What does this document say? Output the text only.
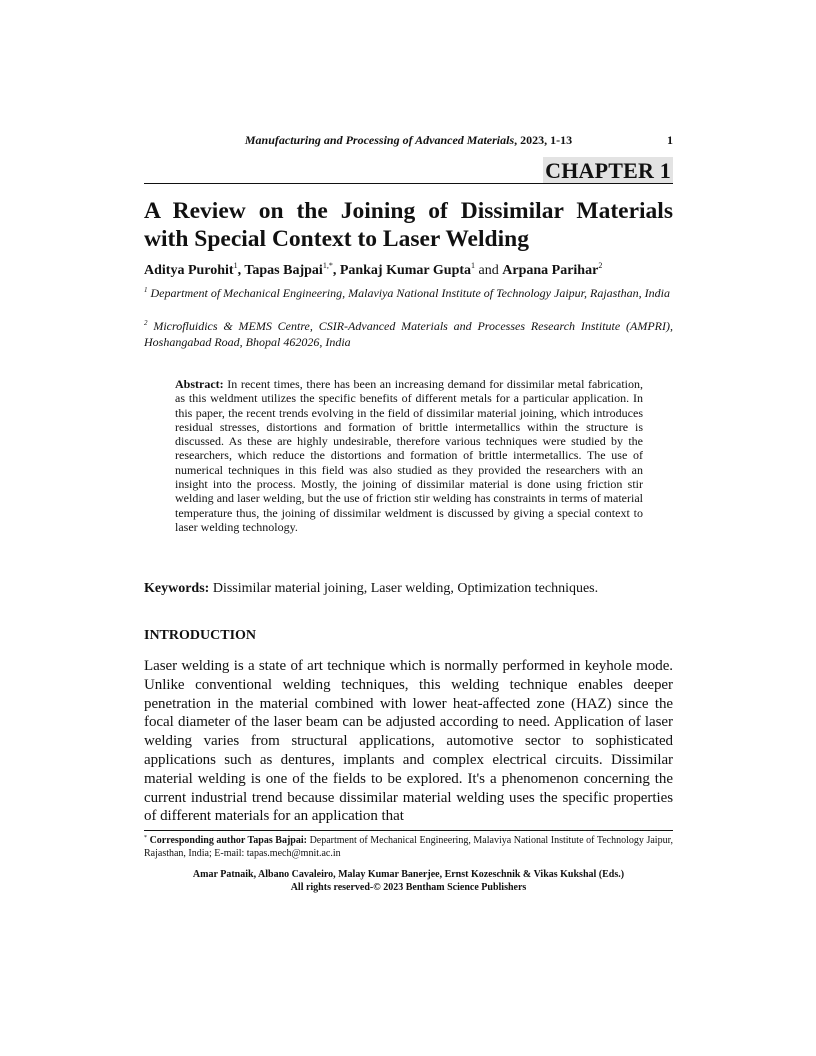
Manufacturing and Processing of Advanced Materials, 2023, 1-13	1
CHAPTER 1
A Review on the Joining of Dissimilar Materials with Special Context to Laser Welding
Aditya Purohit$^1$, Tapas Bajpai$^{1,*}$, Pankaj Kumar Gupta$^1$ and Arpana Parihar$^2$
$^1$ Department of Mechanical Engineering, Malaviya National Institute of Technology Jaipur, Rajasthan, India
$^2$ Microfluidics & MEMS Centre, CSIR-Advanced Materials and Processes Research Institute (AMPRI), Hoshangabad Road, Bhopal 462026, India
Abstract: In recent times, there has been an increasing demand for dissimilar metal fabrication, as this weldment utilizes the specific benefits of different metals for a particular application. In this paper, the recent trends evolving in the field of dissimilar material joining, which introduces residual stresses, distortions and formation of brittle intermetallics within the structure is discussed. As these are highly undesirable, therefore various techniques were studied by the researchers, which reduce the distortions and formation of brittle intermetallics. The use of numerical techniques in this field was also studied as they provided the researchers with an insight into the process. Mostly, the joining of dissimilar material is done using friction stir welding and laser welding, but the use of friction stir welding has constraints in terms of material temperature thus, the joining of dissimilar weldment is discussed by giving a special context to laser welding technology.
Keywords: Dissimilar material joining, Laser welding, Optimization techniques.
INTRODUCTION
Laser welding is a state of art technique which is normally performed in keyhole mode. Unlike conventional welding techniques, this welding technique enables deeper penetration in the material combined with lower heat-affected zone (HAZ) since the focal diameter of the laser beam can be adjusted according to need. Application of laser welding varies from structural applications, automotive sector to sophisticated applications such as dentures, implants and complex electrical circuits. Dissimilar material welding is one of the fields to be explored. It's a phenomenon concerning the current industrial trend because dissimilar material welding uses the specific properties of different materials for an application that
* Corresponding author Tapas Bajpai: Department of Mechanical Engineering, Malaviya National Institute of Technology Jaipur, Rajasthan, India; E-mail: tapas.mech@mnit.ac.in
Amar Patnaik, Albano Cavaleiro, Malay Kumar Banerjee, Ernst Kozeschnik & Vikas Kukshal (Eds.)
All rights reserved-© 2023 Bentham Science Publishers
